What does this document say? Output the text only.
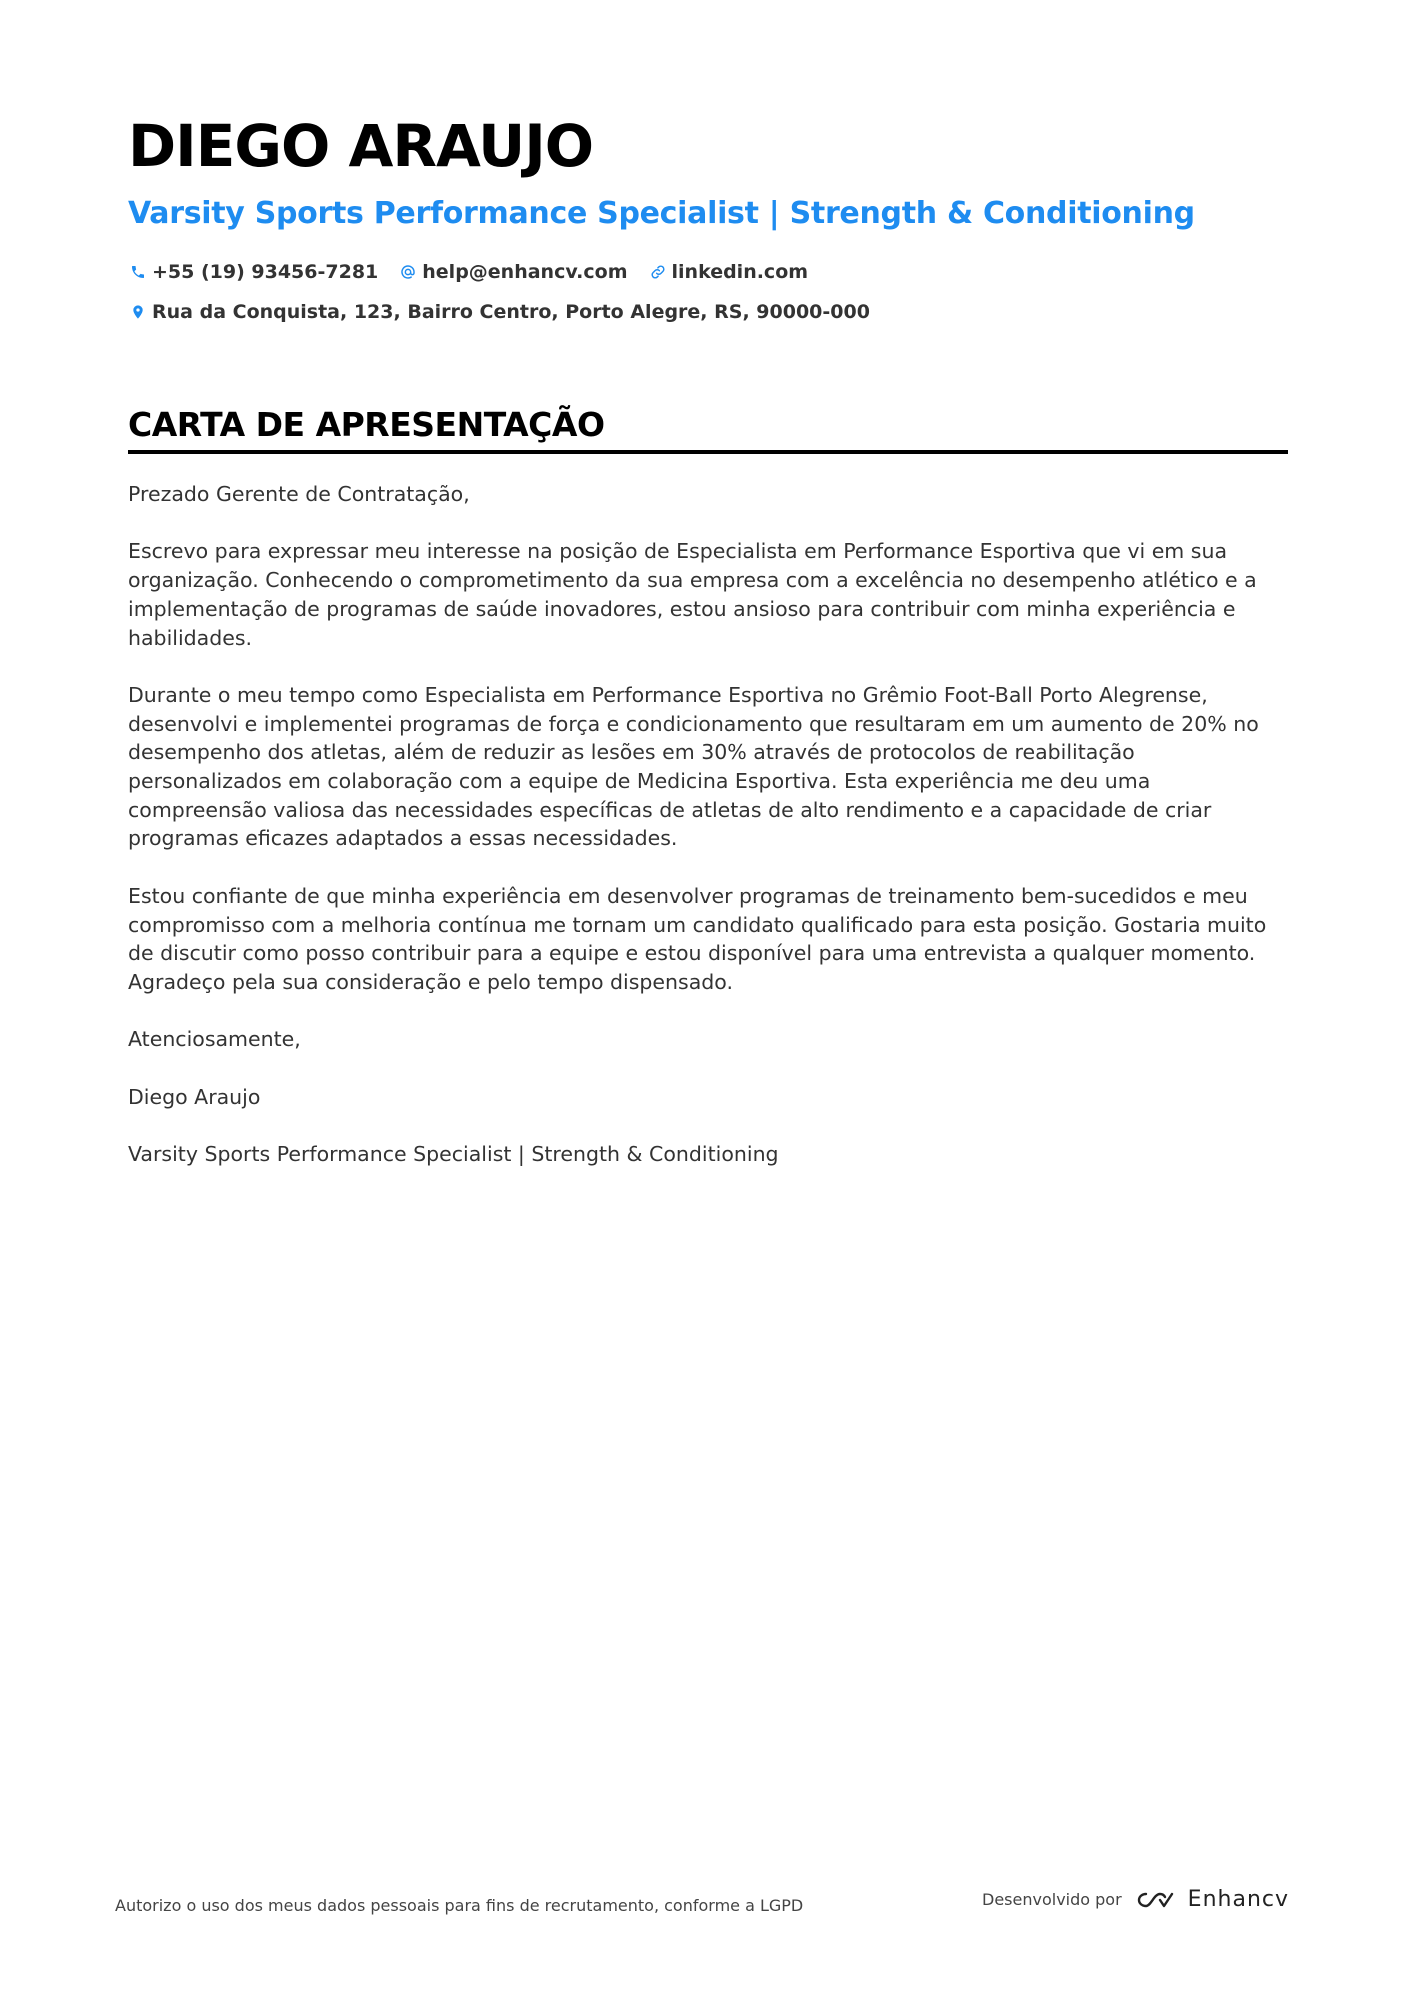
DIEGO ARAUJO
Varsity Sports Performance Specialist | Strength & Conditioning
+55 (19) 93456-7281 help@enhancv.com linkedin.com
Rua da Conquista, 123, Bairro Centro, Porto Alegre, RS, 90000-000
CARTA DE APRESENTAÇÃO

Prezado Gerente de Contratação,

Escrevo para expressar meu interesse na posição de Especialista em Performance Esportiva que vi em sua organização. Conhecendo o comprometimento da sua empresa com a excelência no desempenho atlético e a implementação de programas de saúde inovadores, estou ansioso para contribuir com minha experiência e habilidades.

Durante o meu tempo como Especialista em Performance Esportiva no Grêmio Foot-Ball Porto Alegrense, desenvolvi e implementei programas de força e condicionamento que resultaram em um aumento de 20% no desempenho dos atletas, além de reduzir as lesões em 30% através de protocolos de reabilitação personalizados em colaboração com a equipe de Medicina Esportiva. Esta experiência me deu uma compreensão valiosa das necessidades específicas de atletas de alto rendimento e a capacidade de criar programas eficazes adaptados a essas necessidades.

Estou confiante de que minha experiência em desenvolver programas de treinamento bem-sucedidos e meu compromisso com a melhoria contínua me tornam um candidato qualificado para esta posição. Gostaria muito de discutir como posso contribuir para a equipe e estou disponível para uma entrevista a qualquer momento. Agradeço pela sua consideração e pelo tempo dispensado.

Atenciosamente,

Diego Araujo

Varsity Sports Performance Specialist | Strength & Conditioning

Autorizo o uso dos meus dados pessoais para fins de recrutamento, conforme a LGPD	Desenvolvido por	Enhancv
